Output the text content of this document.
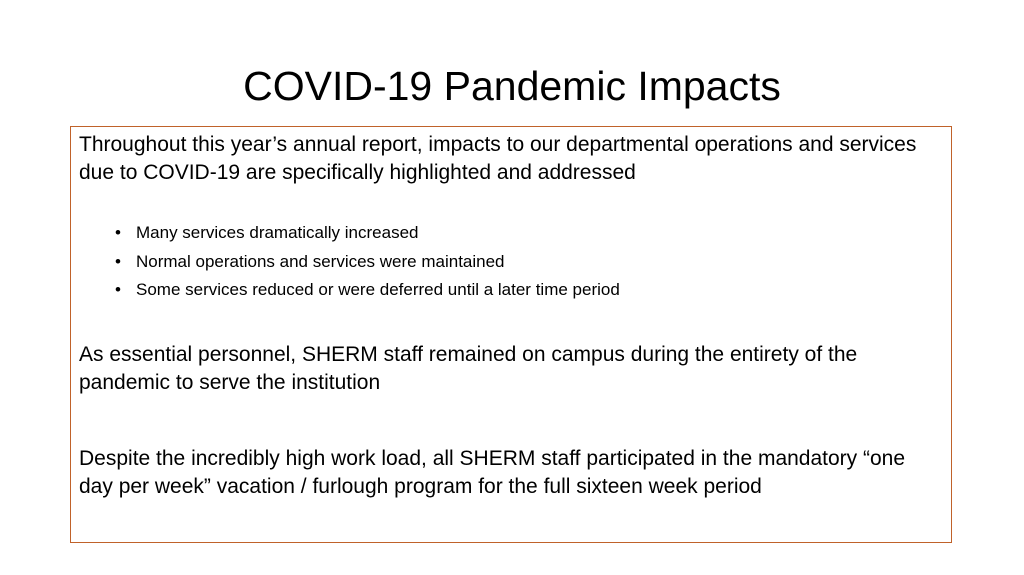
COVID-19 Pandemic Impacts

Throughout this year’s annual report, impacts to our departmental operations and services due to COVID-19 are specifically highlighted and addressed

• Many services dramatically increased
• Normal operations and services were maintained
• Some services reduced or were deferred until a later time period

As essential personnel, SHERM staff remained on campus during the entirety of the pandemic to serve the institution

Despite the incredibly high work load, all SHERM staff participated in the mandatory “one day per week” vacation / furlough program for the full sixteen week period
